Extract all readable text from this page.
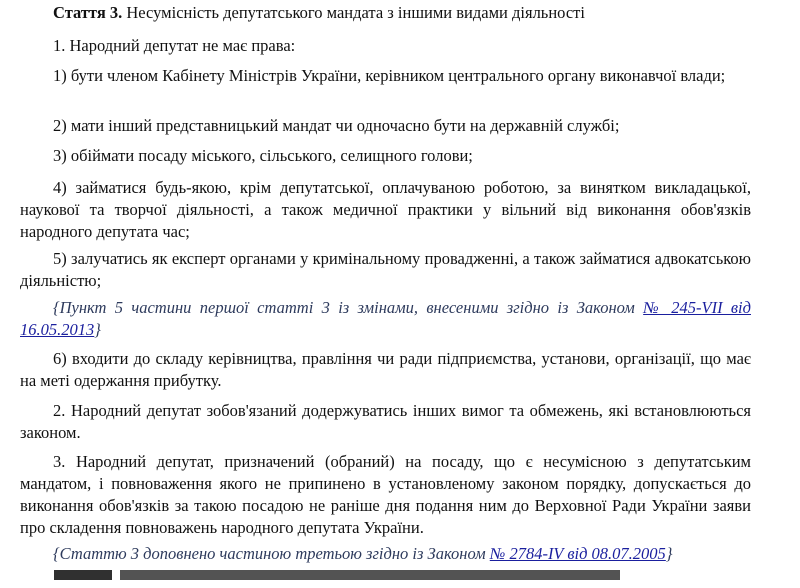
Стаття 3. Несумісність депутатського мандата з іншими видами діяльності

1. Народний депутат не має права:

1) бути членом Кабінету Міністрів України, керівником центрального органу виконавчої влади;

2) мати інший представницький мандат чи одночасно бути на державній службі;

3) обіймати посаду міського, сільського, селищного голови;

4) займатися будь-якою, крім депутатської, оплачуваною роботою, за винятком викладацької, наукової та творчої діяльності, а також медичної практики у вільний від виконання обов'язків народного депутата час;

5) залучатись як експерт органами у кримінальному провадженні, а також займатися адвокатською діяльністю;

{Пункт 5 частини першої статті 3 із змінами, внесеними згідно із Законом № 245-VII від 16.05.2013}

6) входити до складу керівництва, правління чи ради підприємства, установи, організації, що має на меті одержання прибутку.

2. Народний депутат зобов'язаний додержуватись інших вимог та обмежень, які встановлюються законом.

3. Народний депутат, призначений (обраний) на посаду, що є несумісною з депутатським мандатом, і повноваження якого не припинено в установленому законом порядку, допускається до виконання обов'язків за такою посадою не раніше дня подання ним до Верховної Ради України заяви про складення повноважень народного депутата України.

{Статтю 3 доповнено частиною третьою згідно із Законом № 2784-IV від 08.07.2005}
